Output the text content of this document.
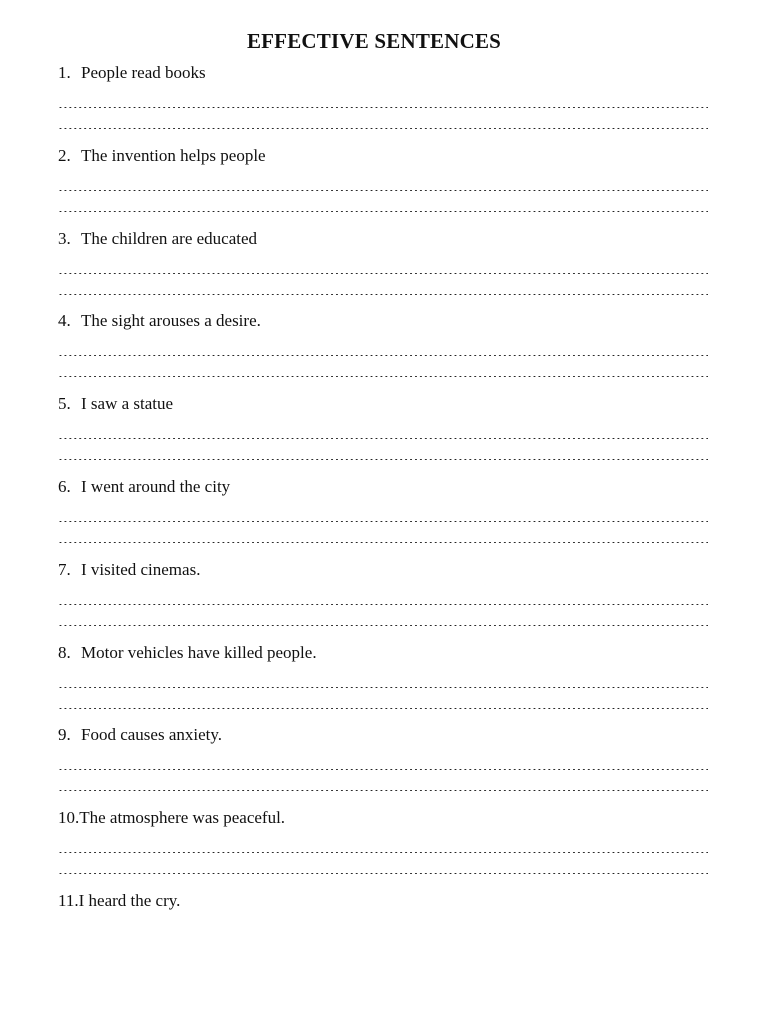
EFFECTIVE SENTENCES
1. People read books
2. The invention helps people
3. The children are educated
4. The sight arouses a desire.
5. I saw a statue
6. I went around the city
7. I visited cinemas.
8. Motor vehicles have killed people.
9. Food causes anxiety.
10.The atmosphere was peaceful.
11.I heard the cry.
